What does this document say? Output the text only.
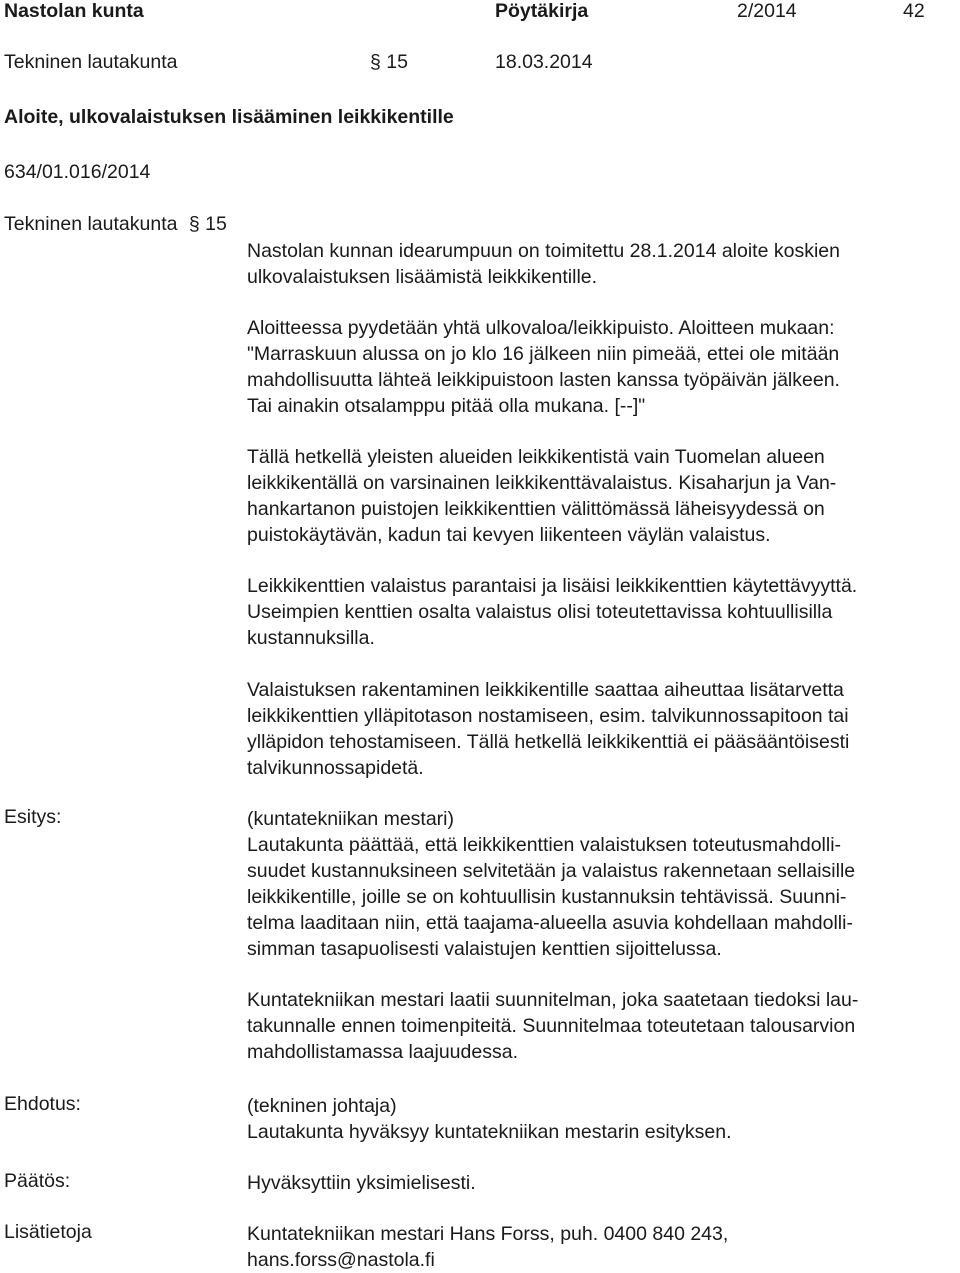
Nastolan kunta	Pöytäkirja	2/2014	42
Tekninen lautakunta	§ 15	18.03.2014
Aloite, ulkovalaistuksen lisääminen leikkikentille
634/01.016/2014
Tekninen lautakunta § 15
Nastolan kunnan idearumpuun on toimitettu 28.1.2014 aloite koskien
ulkovalaistuksen lisäämistä leikkikentille.
Aloitteessa pyydetään yhtä ulkovaloa/leikkipuisto. Aloitteen mukaan:
"Marraskuun alussa on jo klo 16 jälkeen niin pimeää, ettei ole mitään
mahdollisuutta lähteä leikkipuistoon lasten kanssa työpäivän jälkeen.
Tai ainakin otsalamppu pitää olla mukana. [--]"
Tällä hetkellä yleisten alueiden leikkikentistä vain Tuomelan alueen
leikkikentällä on varsinainen leikkikenttävalaistus. Kisaharjun ja Van-
hankartanon puistojen leikkikenttien välittömässä läheisyydessä on
puistokäytävän, kadun tai kevyen liikenteen väylän valaistus.
Leikkikenttien valaistus parantaisi ja lisäisi leikkikenttien käytettävyyttä.
Useimpien kenttien osalta valaistus olisi toteutettavissa kohtuullisilla
kustannuksilla.
Valaistuksen rakentaminen leikkikentille saattaa aiheuttaa lisätarvetta
leikkikenttien ylläpitotason nostamiseen, esim. talvikunnossapitoon tai
ylläpidon tehostamiseen. Tällä hetkellä leikkikenttiä ei pääsääntöisesti
talvikunnossapidetä.
Esitys:	(kuntatekniikan mestari)
Lautakunta päättää, että leikkikenttien valaistuksen toteutusmahdolli-
suudet kustannuksineen selvitetään ja valaistus rakennetaan sellaisille
leikkikentille, joille se on kohtuullisin kustannuksin tehtävissä. Suunni-
telma laaditaan niin, että taajama-alueella asuvia kohdellaan mahdolli-
simman tasapuolisesti valaistujen kenttien sijoittelussa.
Kuntatekniikan mestari laatii suunnitelman, joka saatetaan tiedoksi lau-
takunnalle ennen toimenpiteitä. Suunnitelmaa toteutetaan talousarvion
mahdollistamassa laajuudessa.
Ehdotus:	(tekninen johtaja)
Lautakunta hyväksyy kuntatekniikan mestarin esityksen.
Päätös:	Hyväksyttiin yksimielisesti.
Lisätietoja	Kuntatekniikan mestari Hans Forss, puh. 0400 840 243,
hans.forss@nastola.fi
